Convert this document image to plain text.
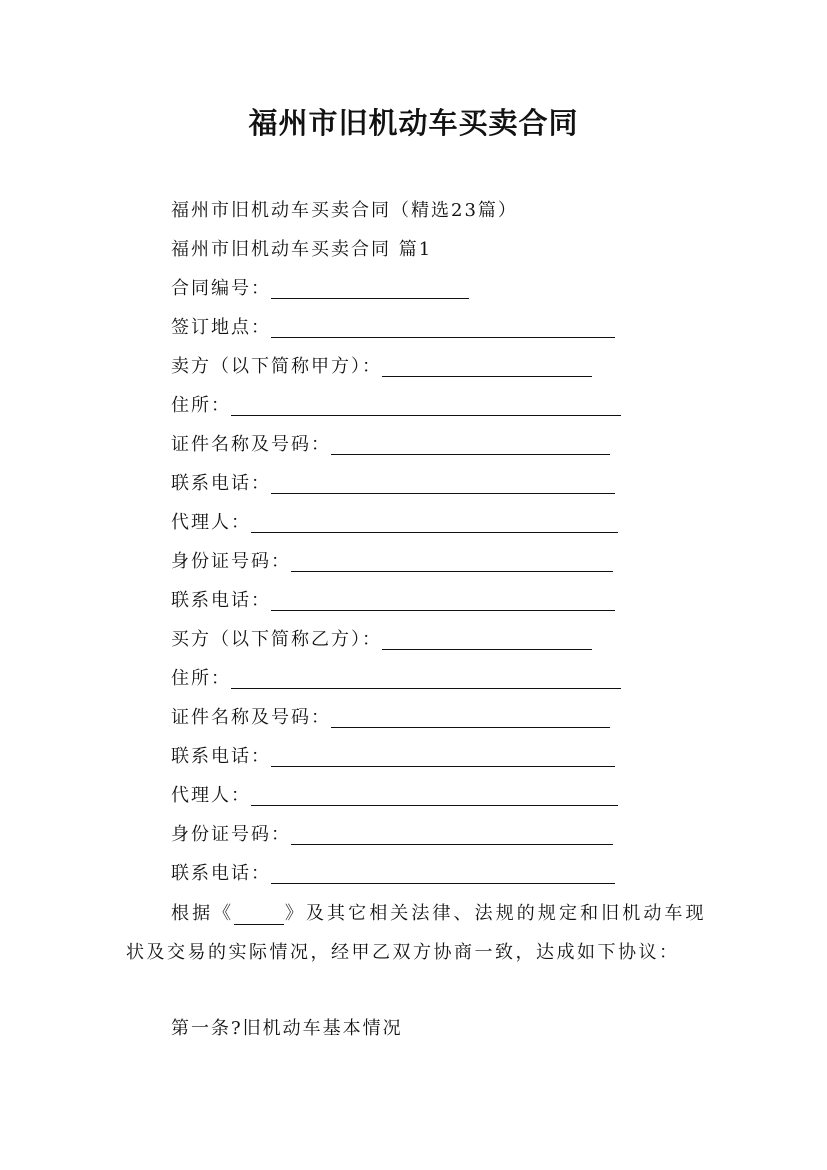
福州市旧机动车买卖合同
福州市旧机动车买卖合同（精选23篇）
福州市旧机动车买卖合同 篇1
合同编号：
签订地点：
卖方（以下简称甲方）：
住所：
证件名称及号码：
联系电话：
代理人：
身份证号码：
联系电话：
买方（以下简称乙方）：
住所：
证件名称及号码：
联系电话：
代理人：
身份证号码：
联系电话：
根据《	》及其它相关法律、法规的规定和旧机动车现状及交易的实际情况，经甲乙双方协商一致，达成如下协议：
第一条?旧机动车基本情况
